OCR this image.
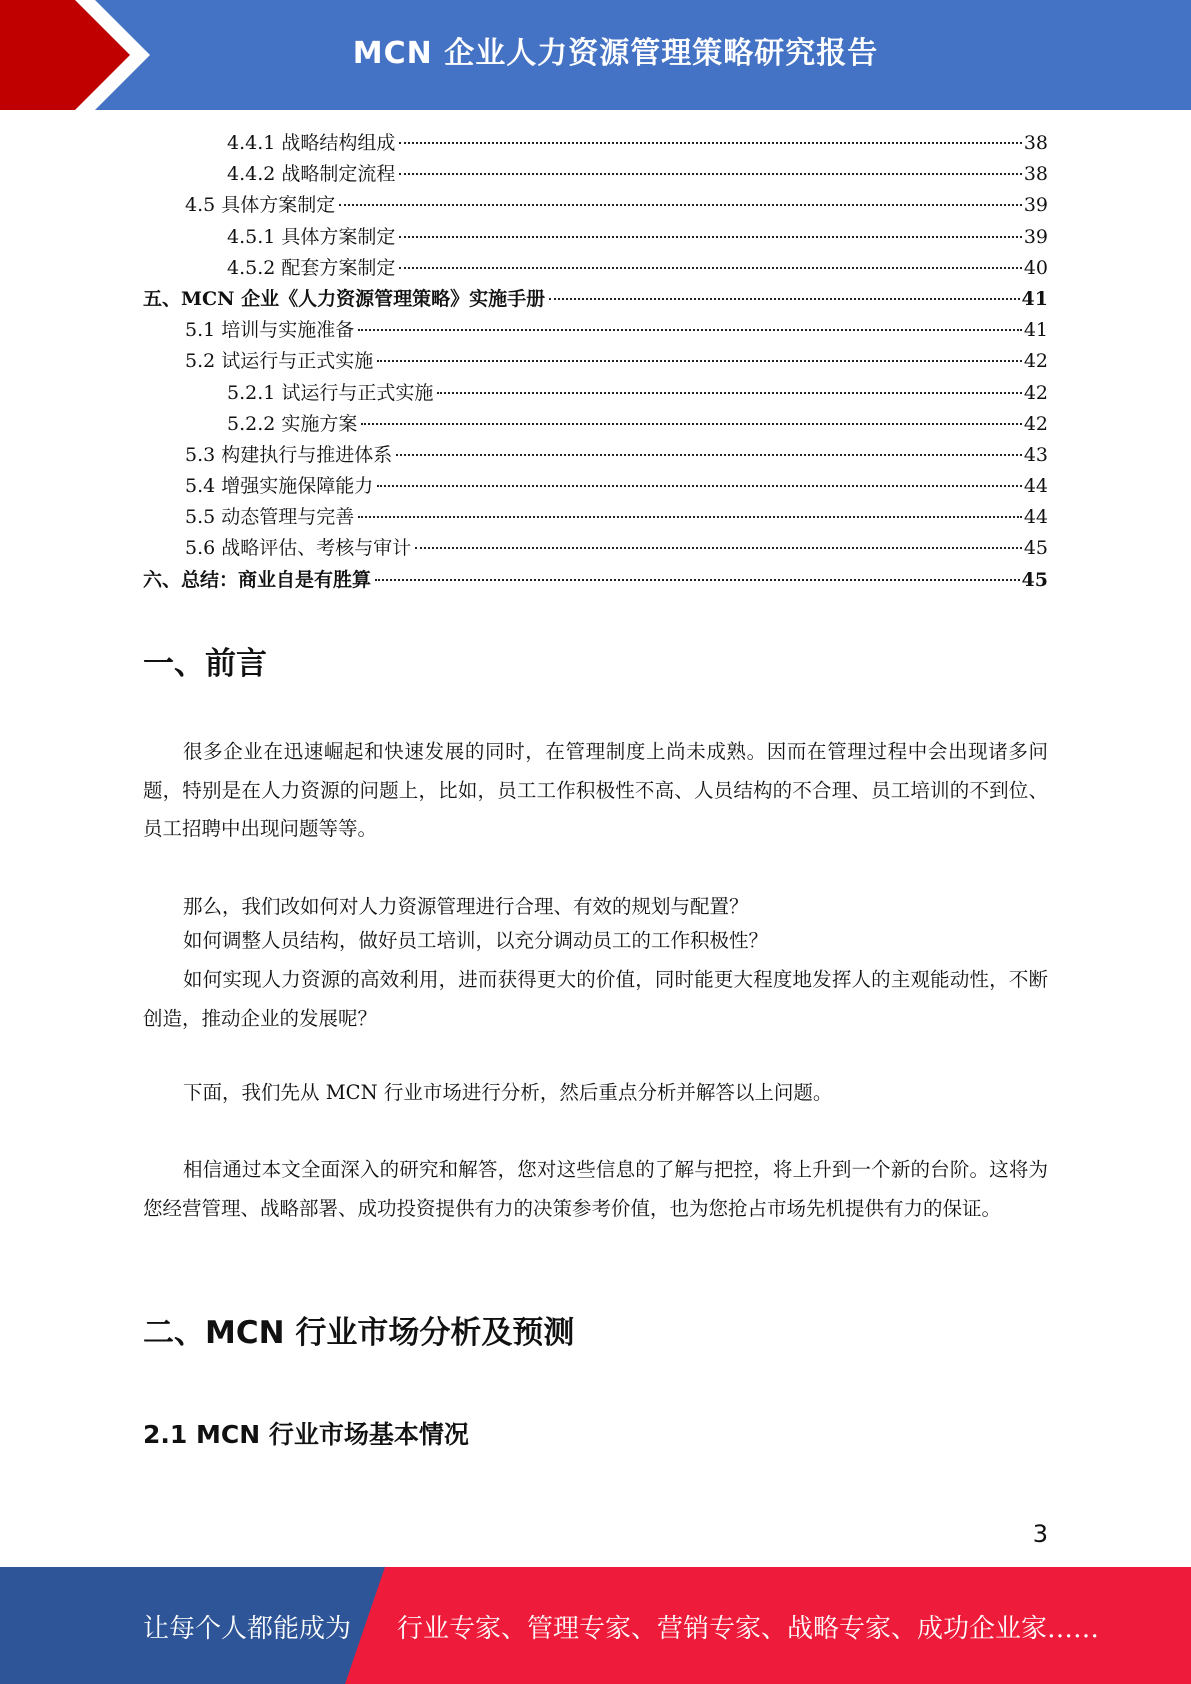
MCN 企业人力资源管理策略研究报告
4.4.1 战略结构组成	38
4.4.2 战略制定流程	38
4.5 具体方案制定	39
4.5.1 具体方案制定	39
4.5.2 配套方案制定	40
五、MCN 企业《人力资源管理策略》实施手册	41
5.1 培训与实施准备	41
5.2 试运行与正式实施	42
5.2.1 试运行与正式实施	42
5.2.2 实施方案	42
5.3 构建执行与推进体系	43
5.4 增强实施保障能力	44
5.5 动态管理与完善	44
5.6 战略评估、考核与审计	45
六、总结：商业自是有胜算	45
一、前言

很多企业在迅速崛起和快速发展的同时，在管理制度上尚未成熟。因而在管理过程中会出现诸多问题，特别是在人力资源的问题上，比如，员工工作积极性不高、人员结构的不合理、员工培训的不到位、员工招聘中出现问题等等。

那么，我们改如何对人力资源管理进行合理、有效的规划与配置？

如何调整人员结构，做好员工培训，以充分调动员工的工作积极性？

如何实现人力资源的高效利用，进而获得更大的价值，同时能更大程度地发挥人的主观能动性，不断创造，推动企业的发展呢？

下面，我们先从 MCN 行业市场进行分析，然后重点分析并解答以上问题。

相信通过本文全面深入的研究和解答，您对这些信息的了解与把控，将上升到一个新的台阶。这将为您经营管理、战略部署、成功投资提供有力的决策参考价值，也为您抢占市场先机提供有力的保证。

二、MCN 行业市场分析及预测
2.1 MCN 行业市场基本情况
3
让每个人都能成为 行业专家、管理专家、营销专家、战略专家、成功企业家……
